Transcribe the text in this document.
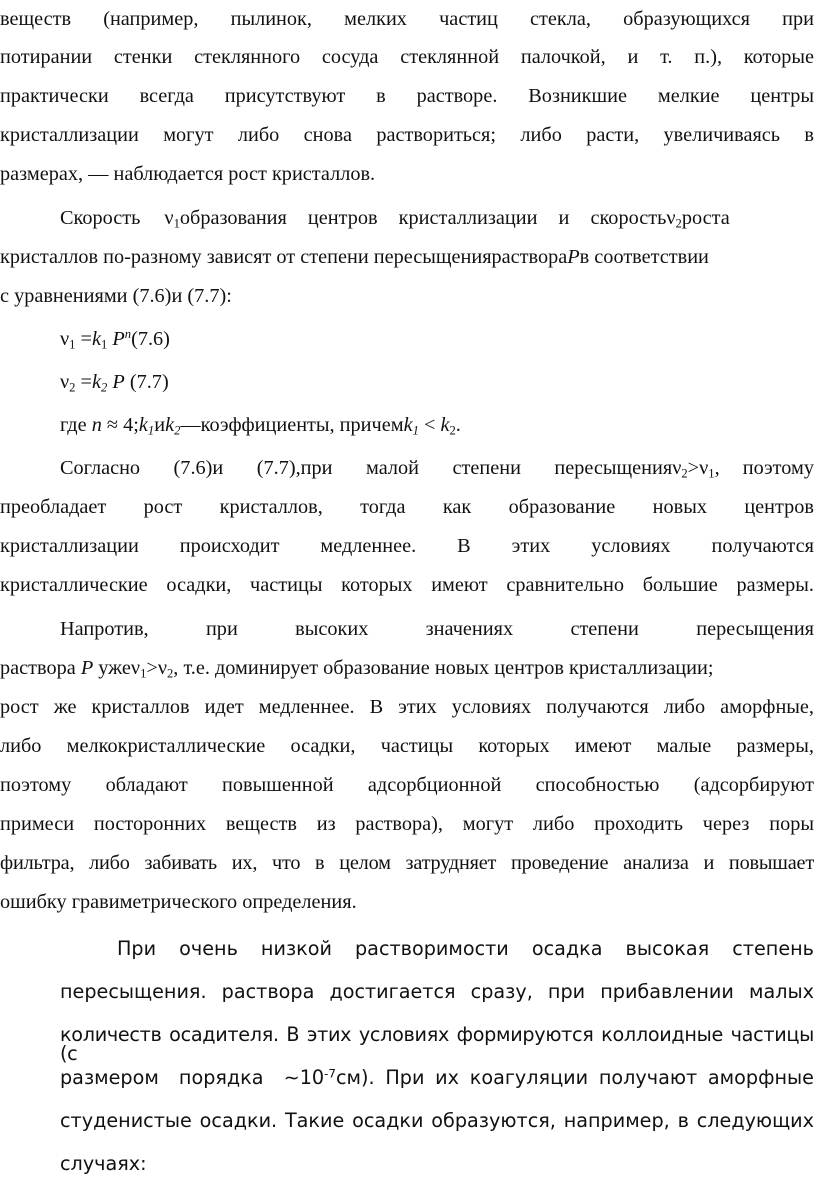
веществ (например, пылинок, мелких частиц стекла, образующихся при
потирании стенки стеклянного сосуда стеклянной палочкой, и т. п.), которые
практически всегда присутствуют в растворе. Возникшие мелкие центры
кристаллизации могут либо снова раствориться; либо расти, увеличиваясь в
размерах, — наблюдается рост кристаллов.
Скорость $\nu_1образования$ центров кристаллизации и скоростьν$_2$роста
кристаллов по-разному зависят от степени пересыщенияраствораPв соответствии
с уравнениями (7.6)и (7.7):
$\nu_1 =k_1$ $P^n(7.6)$
$\nu_2 =k_2$ P (7.7)
где $n \approx 4;k_1иk_2—коэффициенты$, причемk$_1$ < $k_2$.
Согласно (7.6)и (7.7),при малой степени пересыщения $\nu_2>\nu_1$, поэтому
преобладает рост кристаллов, тогда как образование новых центров
кристаллизации происходит медленнее. В этих условиях получаются
кристаллические осадки, частицы которых имеют сравнительно большие размеры.
Напротив, при высоких значениях степени пересыщения
раствора P $уже\nu_1>\nu_2$, т.е. доминирует образование новых центров кристаллизации;
рост же кристаллов идет медленнее. В этих условиях получаются либо аморфные,
либо мелкокристаллические осадки, частицы которых имеют малые размеры,
поэтому обладают повышенной адсорбционной способностью (адсорбируют
примеси посторонних веществ из раствора), могут либо проходить через поры
фильтра, либо забивать их, что в целом затрудняет проведение анализа и повышает
ошибку гравиметрического определения.
При очень низкой растворимости осадка высокая степень
пересыщения. раствора достигается сразу, при прибавлении малых
количеств осадителя. В этих условиях формируются коллоидные частицы (с
размером порядка $\sim 10^{-7}$ см). При их коагуляции получают аморфные
студенистые осадки. Такие осадки образуются, например, в следующих
случаях:
